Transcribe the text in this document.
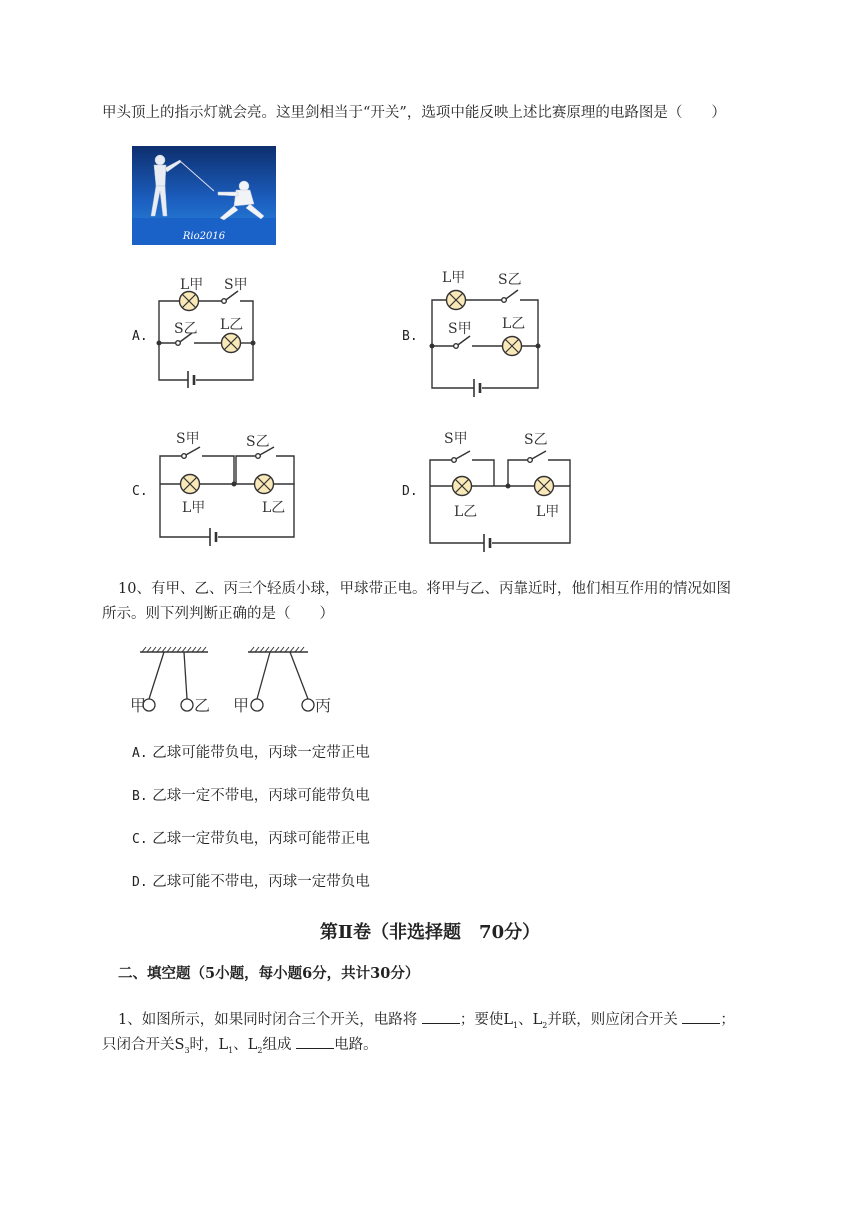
甲头顶上的指示灯就会亮。这里剑相当于“开关”，选项中能反映上述比赛原理的电路图是（　　）
Rio2016
A.
L甲 S甲
S乙 L乙
B.
L甲 S乙
S甲 L乙
C.
S甲	S乙
L甲	L乙
D.
S甲	S乙
L乙	L甲
10、有甲、乙、丙三个轻质小球，甲球带正电。将甲与乙、丙靠近时，他们相互作用的情况如图
所示。则下列判断正确的是（　　）
甲	乙 甲	丙
A. 乙球可能带负电，丙球一定带正电
B. 乙球一定不带电，丙球可能带负电
C. 乙球一定带负电，丙球可能带正电
D. 乙球可能不带电，丙球一定带负电
第Ⅱ卷（非选择题　70分）
二、填空题（5小题，每小题6分，共计30分）
1、如图所示，如果同时闭合三个开关，电路将	；要使$L_1$、$L_2$并联，则应闭合开关	；
只闭合开关$S_3$时，$L_1$、$L_2$组成	电路。
